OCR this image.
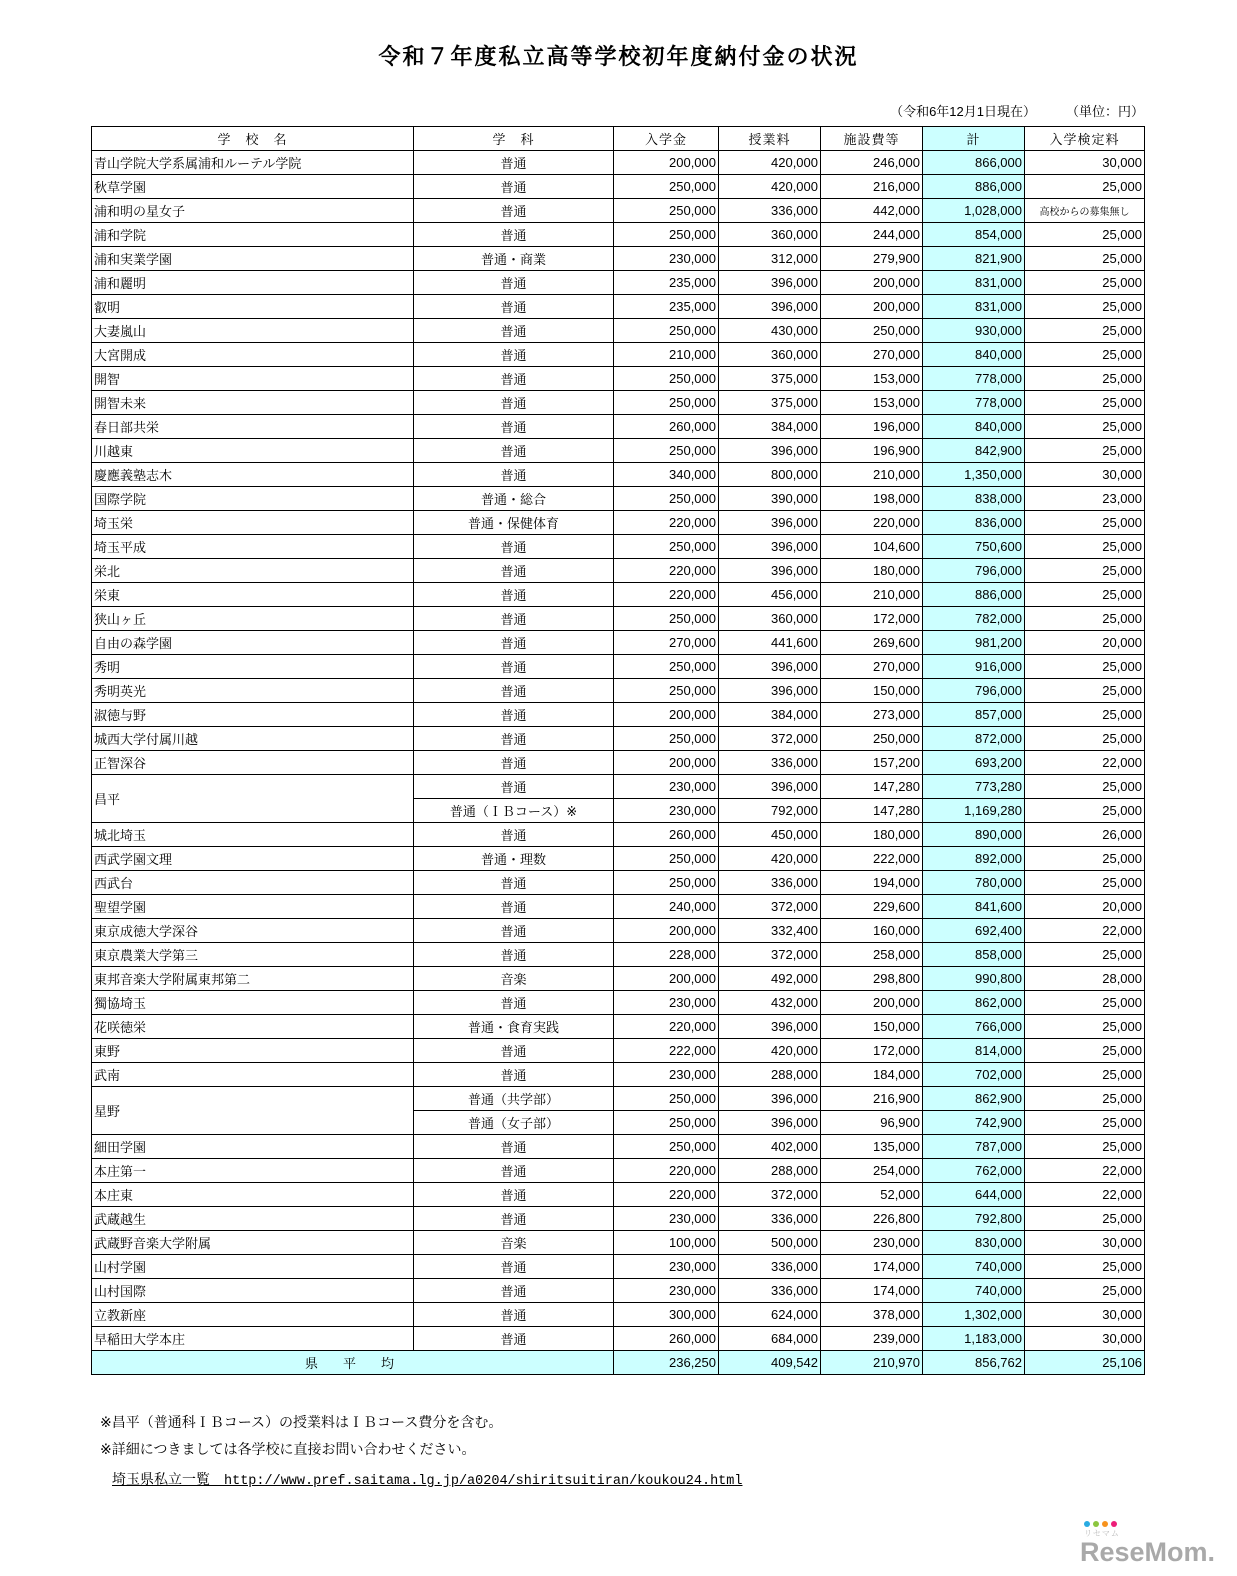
令和７年度私立高等学校初年度納付金の状況
（令和6年12月1日現在） （単位：円）
学　校　名	学　科	入学金	授業料	施設費等	計	入学検定料
青山学院大学系属浦和ルーテル学院	普通	200,000	420,000	246,000	866,000	30,000
秋草学園	普通	250,000	420,000	216,000	886,000	25,000
浦和明の星女子	普通	250,000	336,000	442,000	1,028,000	高校からの募集無し
浦和学院	普通	250,000	360,000	244,000	854,000	25,000
浦和実業学園	普通・商業	230,000	312,000	279,900	821,900	25,000
浦和麗明	普通	235,000	396,000	200,000	831,000	25,000
叡明	普通	235,000	396,000	200,000	831,000	25,000
大妻嵐山	普通	250,000	430,000	250,000	930,000	25,000
大宮開成	普通	210,000	360,000	270,000	840,000	25,000
開智	普通	250,000	375,000	153,000	778,000	25,000
開智未来	普通	250,000	375,000	153,000	778,000	25,000
春日部共栄	普通	260,000	384,000	196,000	840,000	25,000
川越東	普通	250,000	396,000	196,900	842,900	25,000
慶應義塾志木	普通	340,000	800,000	210,000	1,350,000	30,000
国際学院	普通・総合	250,000	390,000	198,000	838,000	23,000
埼玉栄	普通・保健体育	220,000	396,000	220,000	836,000	25,000
埼玉平成	普通	250,000	396,000	104,600	750,600	25,000
栄北	普通	220,000	396,000	180,000	796,000	25,000
栄東	普通	220,000	456,000	210,000	886,000	25,000
狭山ヶ丘	普通	250,000	360,000	172,000	782,000	25,000
自由の森学園	普通	270,000	441,600	269,600	981,200	20,000
秀明	普通	250,000	396,000	270,000	916,000	25,000
秀明英光	普通	250,000	396,000	150,000	796,000	25,000
淑徳与野	普通	200,000	384,000	273,000	857,000	25,000
城西大学付属川越	普通	250,000	372,000	250,000	872,000	25,000
正智深谷	普通	200,000	336,000	157,200	693,200	22,000
昌平	普通	230,000	396,000	147,280	773,280	25,000
	普通（ＩＢコース）※	230,000	792,000	147,280	1,169,280	25,000
城北埼玉	普通	260,000	450,000	180,000	890,000	26,000
西武学園文理	普通・理数	250,000	420,000	222,000	892,000	25,000
西武台	普通	250,000	336,000	194,000	780,000	25,000
聖望学園	普通	240,000	372,000	229,600	841,600	20,000
東京成徳大学深谷	普通	200,000	332,400	160,000	692,400	22,000
東京農業大学第三	普通	228,000	372,000	258,000	858,000	25,000
東邦音楽大学附属東邦第二	音楽	200,000	492,000	298,800	990,800	28,000
獨協埼玉	普通	230,000	432,000	200,000	862,000	25,000
花咲徳栄	普通・食育実践	220,000	396,000	150,000	766,000	25,000
東野	普通	222,000	420,000	172,000	814,000	25,000
武南	普通	230,000	288,000	184,000	702,000	25,000
星野	普通（共学部）	250,000	396,000	216,900	862,900	25,000
	普通（女子部）	250,000	396,000	96,900	742,900	25,000
細田学園	普通	250,000	402,000	135,000	787,000	25,000
本庄第一	普通	220,000	288,000	254,000	762,000	22,000
本庄東	普通	220,000	372,000	52,000	644,000	22,000
武蔵越生	普通	230,000	336,000	226,800	792,800	25,000
武蔵野音楽大学附属	音楽	100,000	500,000	230,000	830,000	30,000
山村学園	普通	230,000	336,000	174,000	740,000	25,000
山村国際	普通	230,000	336,000	174,000	740,000	25,000
立教新座	普通	300,000	624,000	378,000	1,302,000	30,000
早稲田大学本庄	普通	260,000	684,000	239,000	1,183,000	30,000
県　平　均		236,250	409,542	210,970	856,762	25,106
※昌平（普通科ＩＢコース）の授業料はＩＢコース費分を含む。
※詳細につきましては各学校に直接お問い合わせください。
埼玉県私立一覧　 http://www.pref.saitama.lg.jp/a0204/shiritsuitiran/koukou24.html
リセマム
ReseMom.
